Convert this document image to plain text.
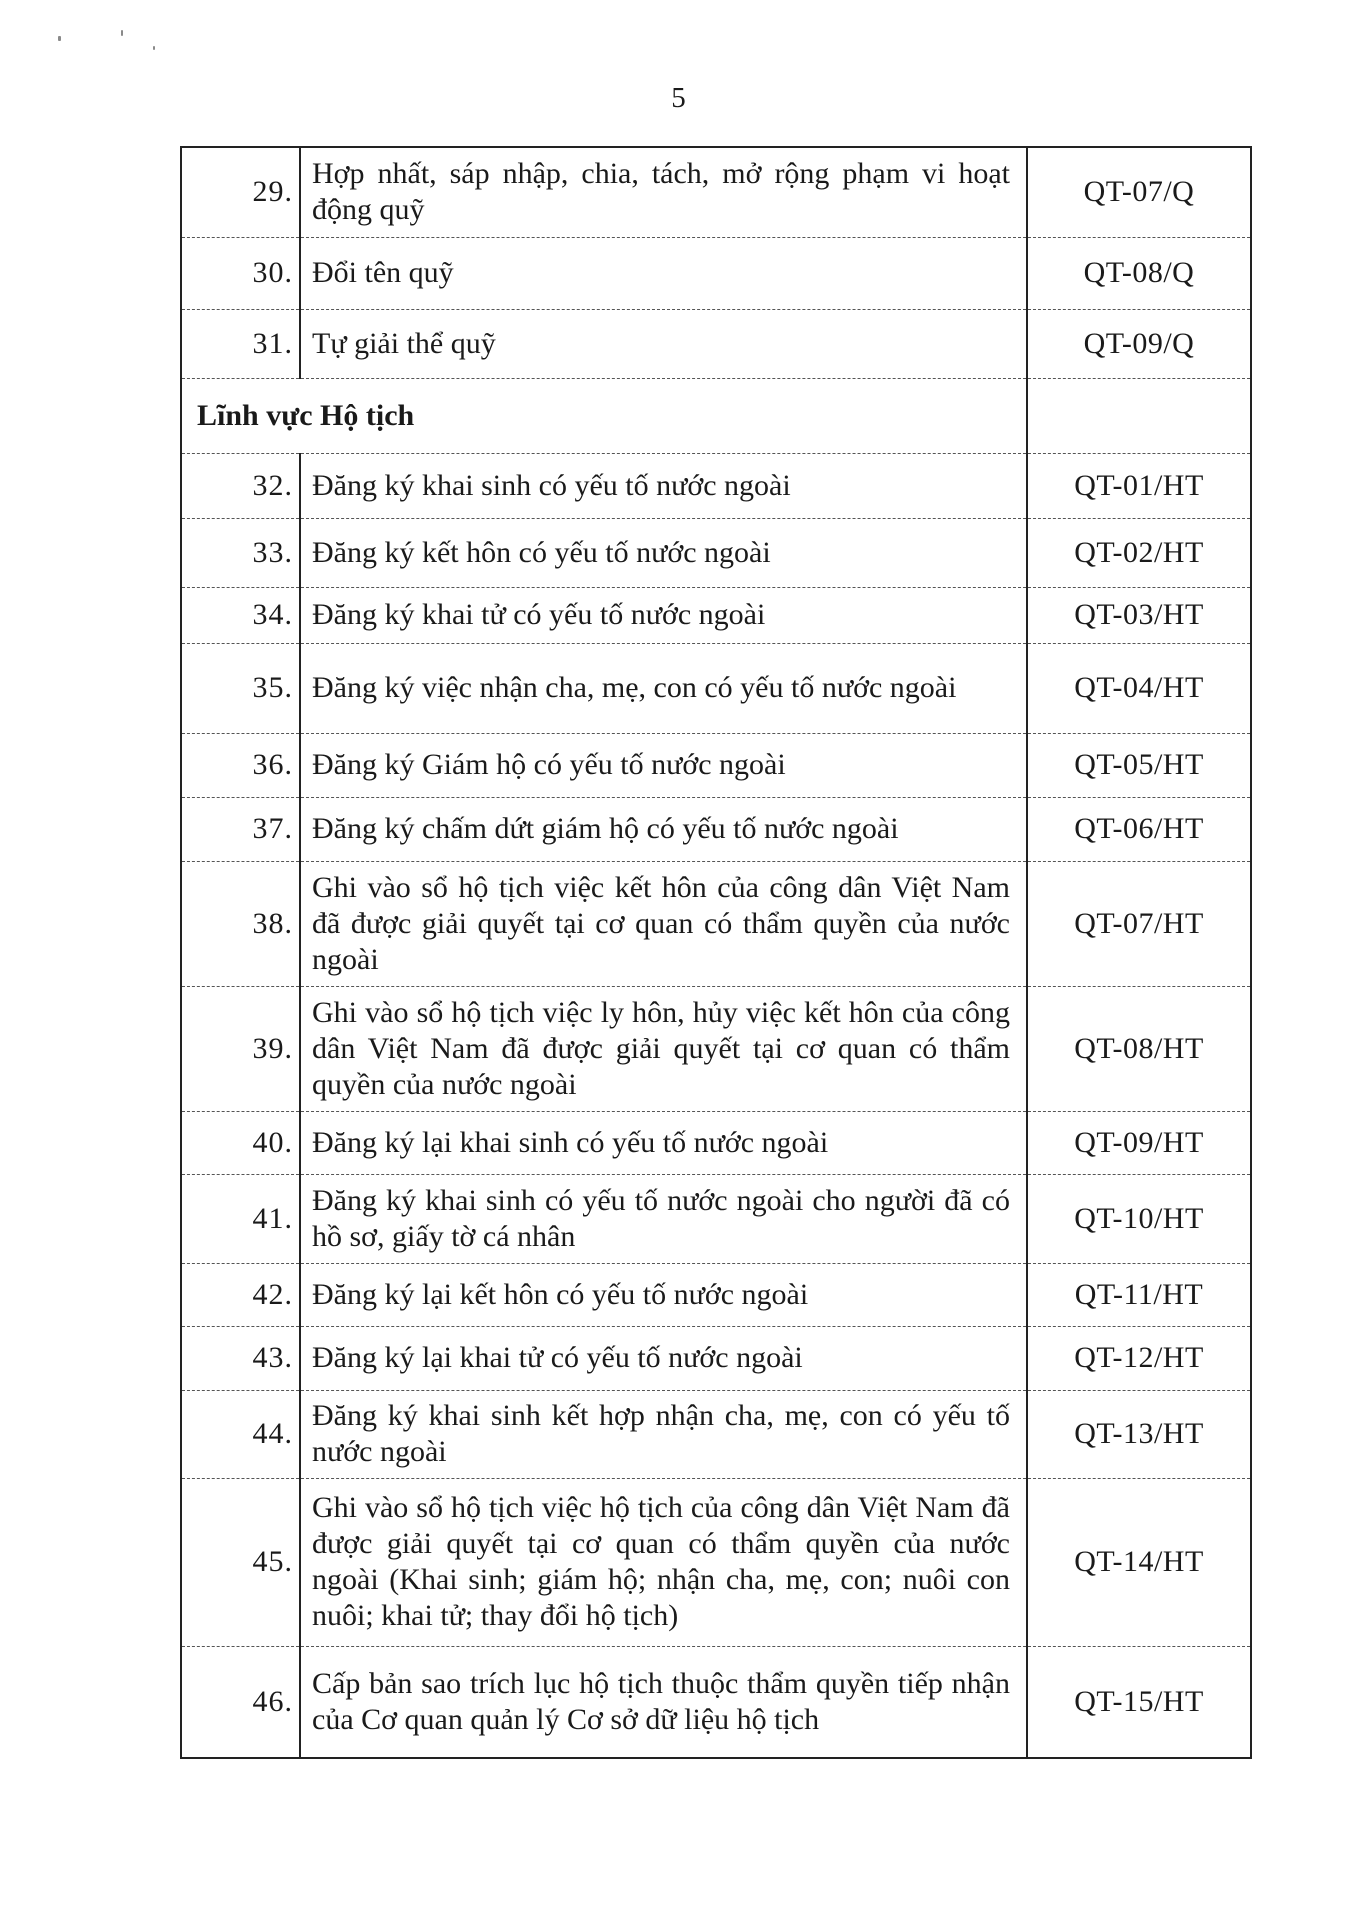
5
29.	Hợp nhất, sáp nhập, chia, tách, mở rộng phạm vi hoạt động quỹ	QT-07/Q
30.	Đổi tên quỹ	QT-08/Q
31.	Tự giải thể quỹ	QT-09/Q
Lĩnh vực Hộ tịch		
32.	Đăng ký khai sinh có yếu tố nước ngoài	QT-01/HT
33.	Đăng ký kết hôn có yếu tố nước ngoài	QT-02/HT
34.	Đăng ký khai tử có yếu tố nước ngoài	QT-03/HT
35.	Đăng ký việc nhận cha, mẹ, con có yếu tố nước ngoài	QT-04/HT
36.	Đăng ký Giám hộ có yếu tố nước ngoài	QT-05/HT
37.	Đăng ký chấm dứt giám hộ có yếu tố nước ngoài	QT-06/HT
38.	Ghi vào sổ hộ tịch việc kết hôn của công dân Việt Nam đã được giải quyết tại cơ quan có thẩm quyền của nước ngoài	QT-07/HT
39.	Ghi vào sổ hộ tịch việc ly hôn, hủy việc kết hôn của công dân Việt Nam đã được giải quyết tại cơ quan có thẩm quyền của nước ngoài	QT-08/HT
40.	Đăng ký lại khai sinh có yếu tố nước ngoài	QT-09/HT
41.	Đăng ký khai sinh có yếu tố nước ngoài cho người đã có hồ sơ, giấy tờ cá nhân	QT-10/HT
42.	Đăng ký lại kết hôn có yếu tố nước ngoài	QT-11/HT
43.	Đăng ký lại khai tử có yếu tố nước ngoài	QT-12/HT
44.	Đăng ký khai sinh kết hợp nhận cha, mẹ, con có yếu tố nước ngoài	QT-13/HT
45.	Ghi vào sổ hộ tịch việc hộ tịch của công dân Việt Nam đã được giải quyết tại cơ quan có thẩm quyền của nước ngoài (Khai sinh; giám hộ; nhận cha, mẹ, con; nuôi con nuôi; khai tử; thay đổi hộ tịch)	QT-14/HT
46.	Cấp bản sao trích lục hộ tịch thuộc thẩm quyền tiếp nhận của Cơ quan quản lý Cơ sở dữ liệu hộ tịch	QT-15/HT
